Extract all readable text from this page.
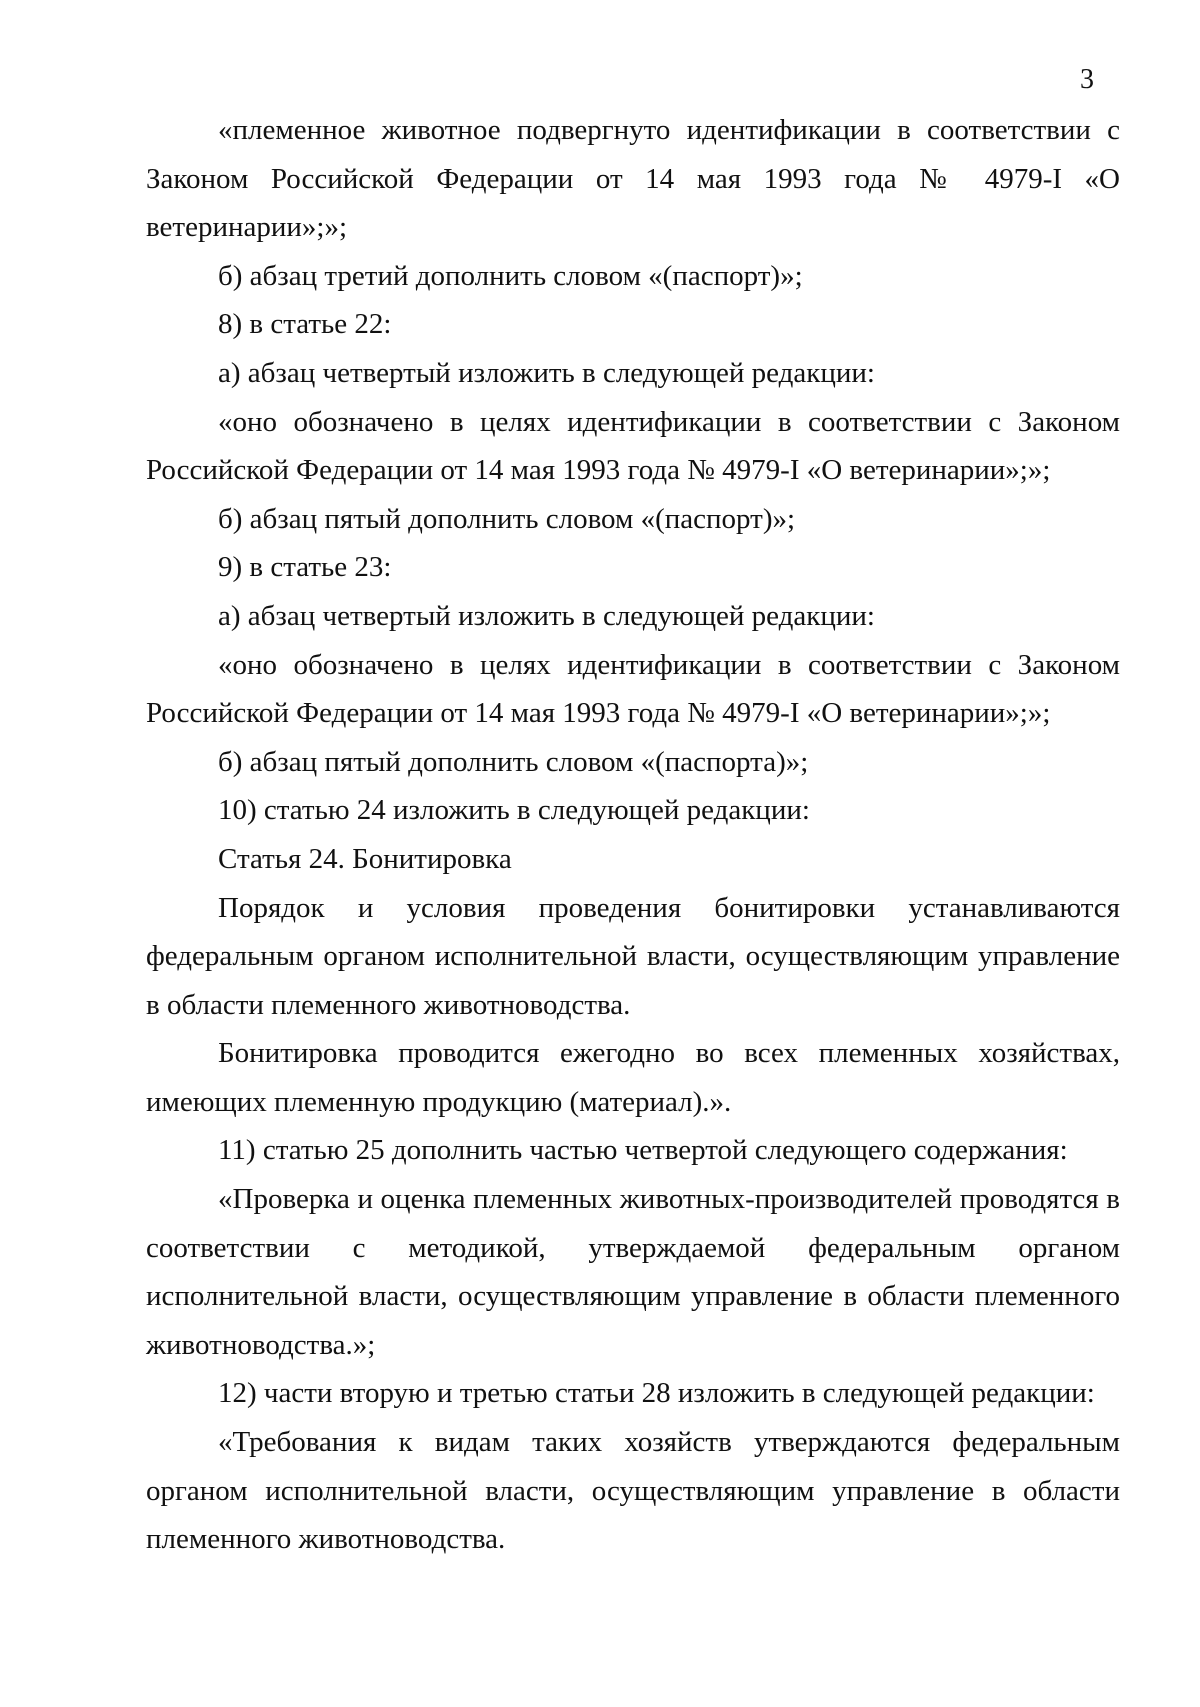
3

«племенное животное подвергнуто идентификации в соответствии с Законом Российской Федерации от 14 мая 1993 года № 4979-I «О ветеринарии»;»;

б) абзац третий дополнить словом «(паспорт)»;

8) в статье 22:

а) абзац четвертый изложить в следующей редакции:

«оно обозначено в целях идентификации в соответствии с Законом Российской Федерации от 14 мая 1993 года № 4979-I «О ветеринарии»;»;

б) абзац пятый дополнить словом «(паспорт)»;

9) в статье 23:

а) абзац четвертый изложить в следующей редакции:

«оно обозначено в целях идентификации в соответствии с Законом Российской Федерации от 14 мая 1993 года № 4979-I «О ветеринарии»;»;

б) абзац пятый дополнить словом «(паспорта)»;

10) статью 24 изложить в следующей редакции:

Статья 24. Бонитировка

Порядок и условия проведения бонитировки устанавливаются федеральным органом исполнительной власти, осуществляющим управление в области племенного животноводства.

Бонитировка проводится ежегодно во всех племенных хозяйствах, имеющих племенную продукцию (материал).».

11) статью 25 дополнить частью четвертой следующего содержания:

«Проверка и оценка племенных животных-производителей проводятся в соответствии с методикой, утверждаемой федеральным органом исполнительной власти, осуществляющим управление в области племенного животноводства.»;

12) части вторую и третью статьи 28 изложить в следующей редакции:

«Требования к видам таких хозяйств утверждаются федеральным органом исполнительной власти, осуществляющим управление в области племенного животноводства.
